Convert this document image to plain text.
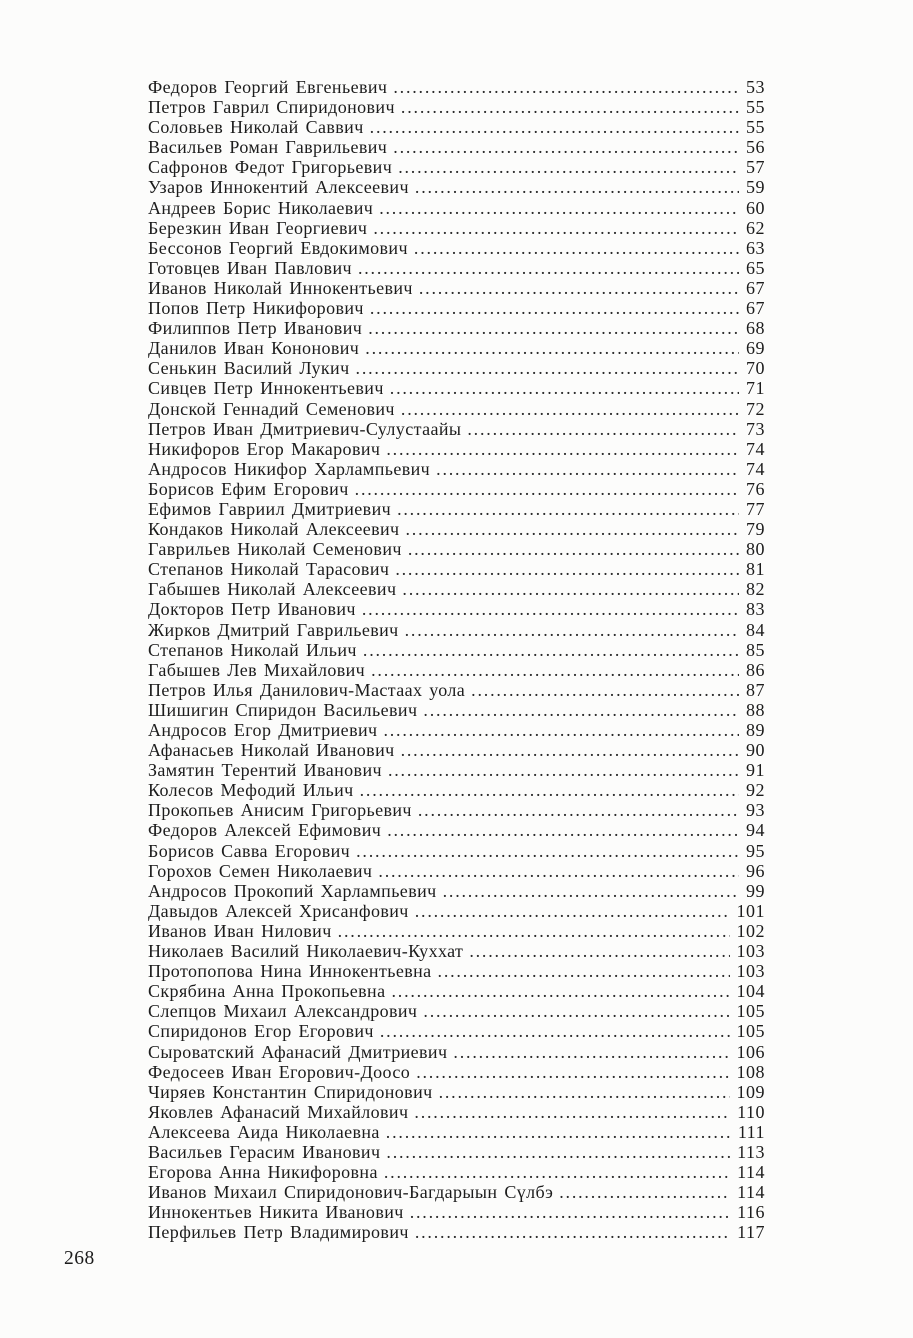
Федоров Георгий Евгеньевич .....	53
Петров Гаврил Спиридонович .....	55
Соловьев Николай Саввич .....	55
Васильев Роман Гаврильевич .....	56
Сафронов Федот Григорьевич .....	57
Узаров Иннокентий Алексеевич .....	59
Андреев Борис Николаевич .....	60
Березкин Иван Георгиевич .....	62
Бессонов Георгий Евдокимович .....	63
Готовцев Иван Павлович .....	65
Иванов Николай Иннокентьевич .....	67
Попов Петр Никифорович .....	67
Филиппов Петр Иванович .....	68
Данилов Иван Кононович .....	69
Сенькин Василий Лукич .....	70
Сивцев Петр Иннокентьевич .....	71
Донской Геннадий Семенович .....	72
Петров Иван Дмитриевич-Сулустаайы .....	73
Никифоров Егор Макарович .....	74
Андросов Никифор Харлампьевич .....	74
Борисов Ефим Егорович .....	76
Ефимов Гавриил Дмитриевич .....	77
Кондаков Николай Алексеевич .....	79
Гаврильев Николай Семенович .....	80
Степанов Николай Тарасович .....	81
Габышев Николай Алексеевич .....	82
Докторов Петр Иванович .....	83
Жирков Дмитрий Гаврильевич .....	84
Степанов Николай Ильич .....	85
Габышев Лев Михайлович .....	86
Петров Илья Данилович-Мастаах уола .....	87
Шишигин Спиридон Васильевич .....	88
Андросов Егор Дмитриевич .....	89
Афанасьев Николай Иванович .....	90
Замятин Терентий Иванович .....	91
Колесов Мефодий Ильич .....	92
Прокопьев Анисим Григорьевич .....	93
Федоров Алексей Ефимович .....	94
Борисов Савва Егорович .....	95
Горохов Семен Николаевич .....	96
Андросов Прокопий Харлампьевич .....	99
Давыдов Алексей Хрисанфович .....	101
Иванов Иван Нилович .....	102
Николаев Василий Николаевич-Куххат .....	103
Протопопова Нина Иннокентьевна .....	103
Скрябина Анна Прокопьевна .....	104
Слепцов Михаил Александрович .....	105
Спиридонов Егор Егорович .....	105
Сыроватский Афанасий Дмитриевич .....	106
Федосеев Иван Егорович-Доосо .....	108
Чиряев Константин Спиридонович .....	109
Яковлев Афанасий Михайлович .....	110
Алексеева Аида Николаевна .....	111
Васильев Герасим Иванович .....	113
Егорова Анна Никифоровна .....	114
Иванов Михаил Спиридонович-Багдарыын Сүлбэ .....	114
Иннокентьев Никита Иванович .....	116
Перфильев Петр Владимирович .....	117
268
